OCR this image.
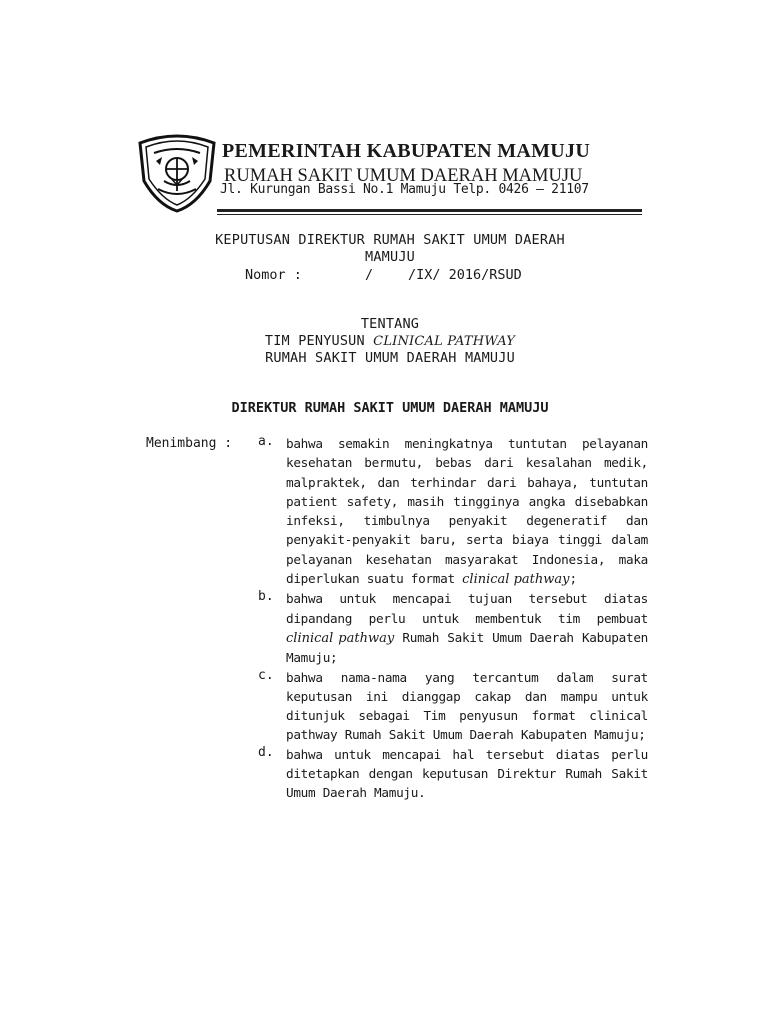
PEMERINTAH KABUPATEN MAMUJU
RUMAH SAKIT UMUM DAERAH MAMUJU
Jl. Kurungan Bassi No.1 Mamuju Telp. 0426 – 21107
KEPUTUSAN DIREKTUR RUMAH SAKIT UMUM DAERAH
MAMUJU
Nomor :	/	/IX/ 2016/RSUD
TENTANG
TIM PENYUSUN CLINICAL PATHWAY
RUMAH SAKIT UMUM DAERAH MAMUJU
DIREKTUR RUMAH SAKIT UMUM DAERAH MAMUJU
Menimbang : a. bahwa semakin meningkatnya tuntutan pelayanan kesehatan bermutu, bebas dari kesalahan medik, malpraktek, dan terhindar dari bahaya, tuntutan patient safety, masih tingginya angka disebabkan infeksi, timbulnya penyakit degeneratif dan penyakit-penyakit baru, serta biaya tinggi dalam pelayanan kesehatan masyarakat Indonesia, maka diperlukan suatu format clinical pathway;

b. bahwa untuk mencapai tujuan tersebut diatas dipandang perlu untuk membentuk tim pembuat clinical pathway Rumah Sakit Umum Daerah Kabupaten Mamuju;

c. bahwa nama-nama yang tercantum dalam surat keputusan ini dianggap cakap dan mampu untuk ditunjuk sebagai Tim penyusun format clinical pathway Rumah Sakit Umum Daerah Kabupaten Mamuju;

d. bahwa untuk mencapai hal tersebut diatas perlu ditetapkan dengan keputusan Direktur Rumah Sakit Umum Daerah Mamuju.
